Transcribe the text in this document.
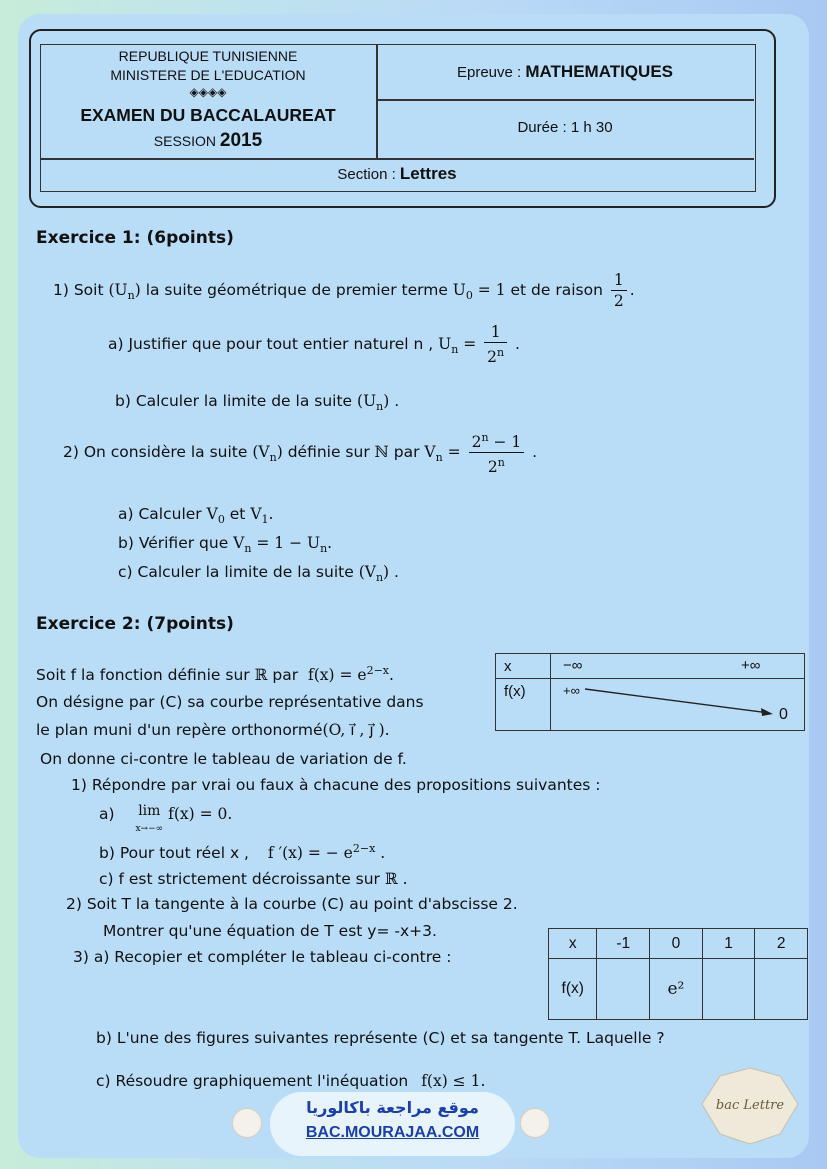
REPUBLIQUE TUNISIENNE
MINISTERE DE L'EDUCATION
◈◈◈◈
EXAMEN DU BACCALAUREAT
SESSION 2015
Epreuve : MATHEMATIQUES
Durée : 1 h 30
Section : Lettres
Exercice 1: (6points)
1) Soit $(U_n)$ la suite géométrique de premier terme $U_0 = 1$ et de raison $\frac{1}{2}$ .
a) Justifier que pour tout entier naturel n , $U_n = \frac{1}{2^n}$ .
b) Calculer la limite de la suite $(U_n)$ .
2) On considère la suite $(V_n)$ définie sur ℕ par $V_n = \frac{2^n - 1}{2^n}$ .
a) Calculer $V_0$ et $V_1$.
b) Vérifier que $V_n = 1 - U_n$.
c) Calculer la limite de la suite $(V_n)$ .
Exercice 2: (7points)
Soit f la fonction définie sur ℝ par  $f(x) = e^{2-x}$.
On désigne par (C) sa courbe représentative dans
le plan muni d'un repère orthonormé(O, i⃗ , j⃗ ).
On donne ci-contre le tableau de variation de f.
x	−∞ +∞

f(x)	+∞
0
1) Répondre par vrai ou faux à chacune des propositions suivantes :
a) lim
x→−∞ f(x) = 0.
b) Pour tout réel x , f ′(x) = − $e^{2-x}$ .
c) f est strictement décroissante sur ℝ .
2) Soit T la tangente à la courbe (C) au point d'abscisse 2.
Montrer qu'une équation de T est y= -x+3.
3) a) Recopier et compléter le tableau ci-contre :
x	-1	0	1	2
f(x)		e²		
b) L'une des figures suivantes représente (C) et sa tangente T. Laquelle ?
c) Résoudre graphiquement l'inéquation f(x) ≤ 1.
موقع مراجعة باكالوريا
BAC.MOURAJAA.COM
bac Lettre
